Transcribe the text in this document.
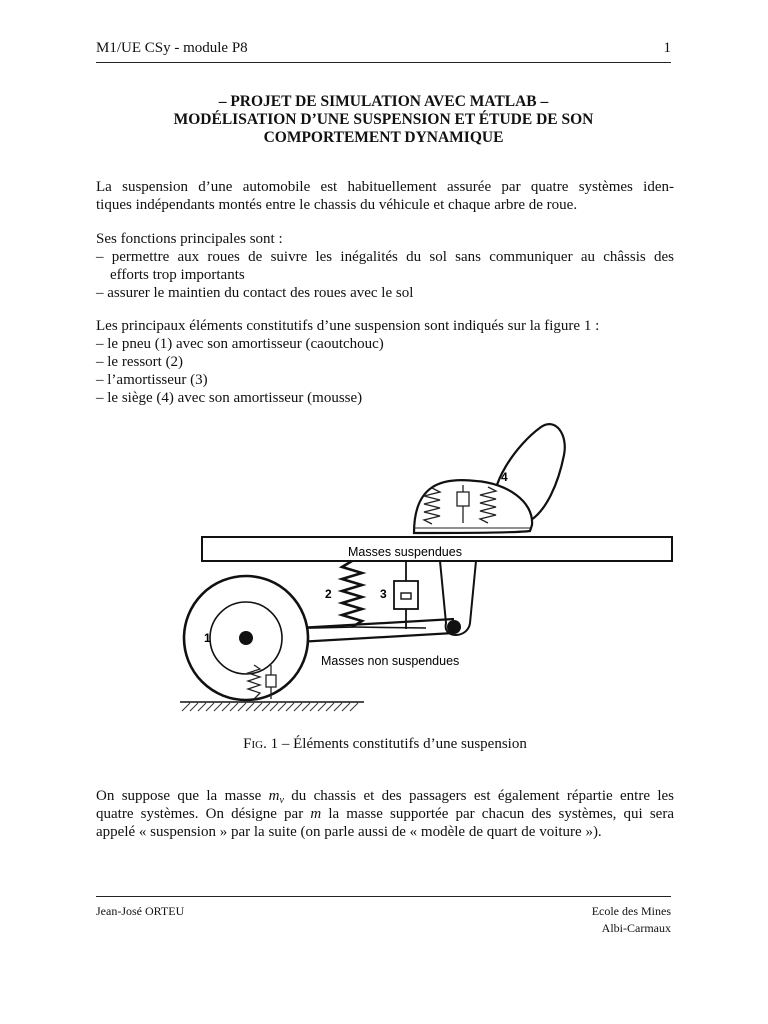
M1/UE CSy - module P8	1
– PROJET DE SIMULATION AVEC MATLAB –
MODÉLISATION D’UNE SUSPENSION ET ÉTUDE DE SON
COMPORTEMENT DYNAMIQUE
La suspension d’une automobile est habituellement assurée par quatre systèmes iden-
tiques indépendants montés entre le chassis du véhicule et chaque arbre de roue.
Ses fonctions principales sont :
– permettre aux roues de suivre les inégalités du sol sans communiquer au châssis des
efforts trop importants
– assurer le maintien du contact des roues avec le sol
Les principaux éléments constitutifs d’une suspension sont indiqués sur la figure 1 :
– le pneu (1) avec son amortisseur (caoutchouc)
– le ressort (2)
– l’amortisseur (3)
– le siège (4) avec son amortisseur (mousse)
4
Masses suspendues
2	3
Masses non suspendues
1
Fig. 1 – Éléments constitutifs d’une suspension
On suppose que la masse $m_v$ du chassis et des passagers est également répartie entre les
quatre systèmes. On désigne par m la masse supportée par chacun des systèmes, qui sera
appelé « suspension » par la suite (on parle aussi de « modèle de quart de voiture »).
Jean-José ORTEU	Ecole des Mines
Albi-Carmaux
